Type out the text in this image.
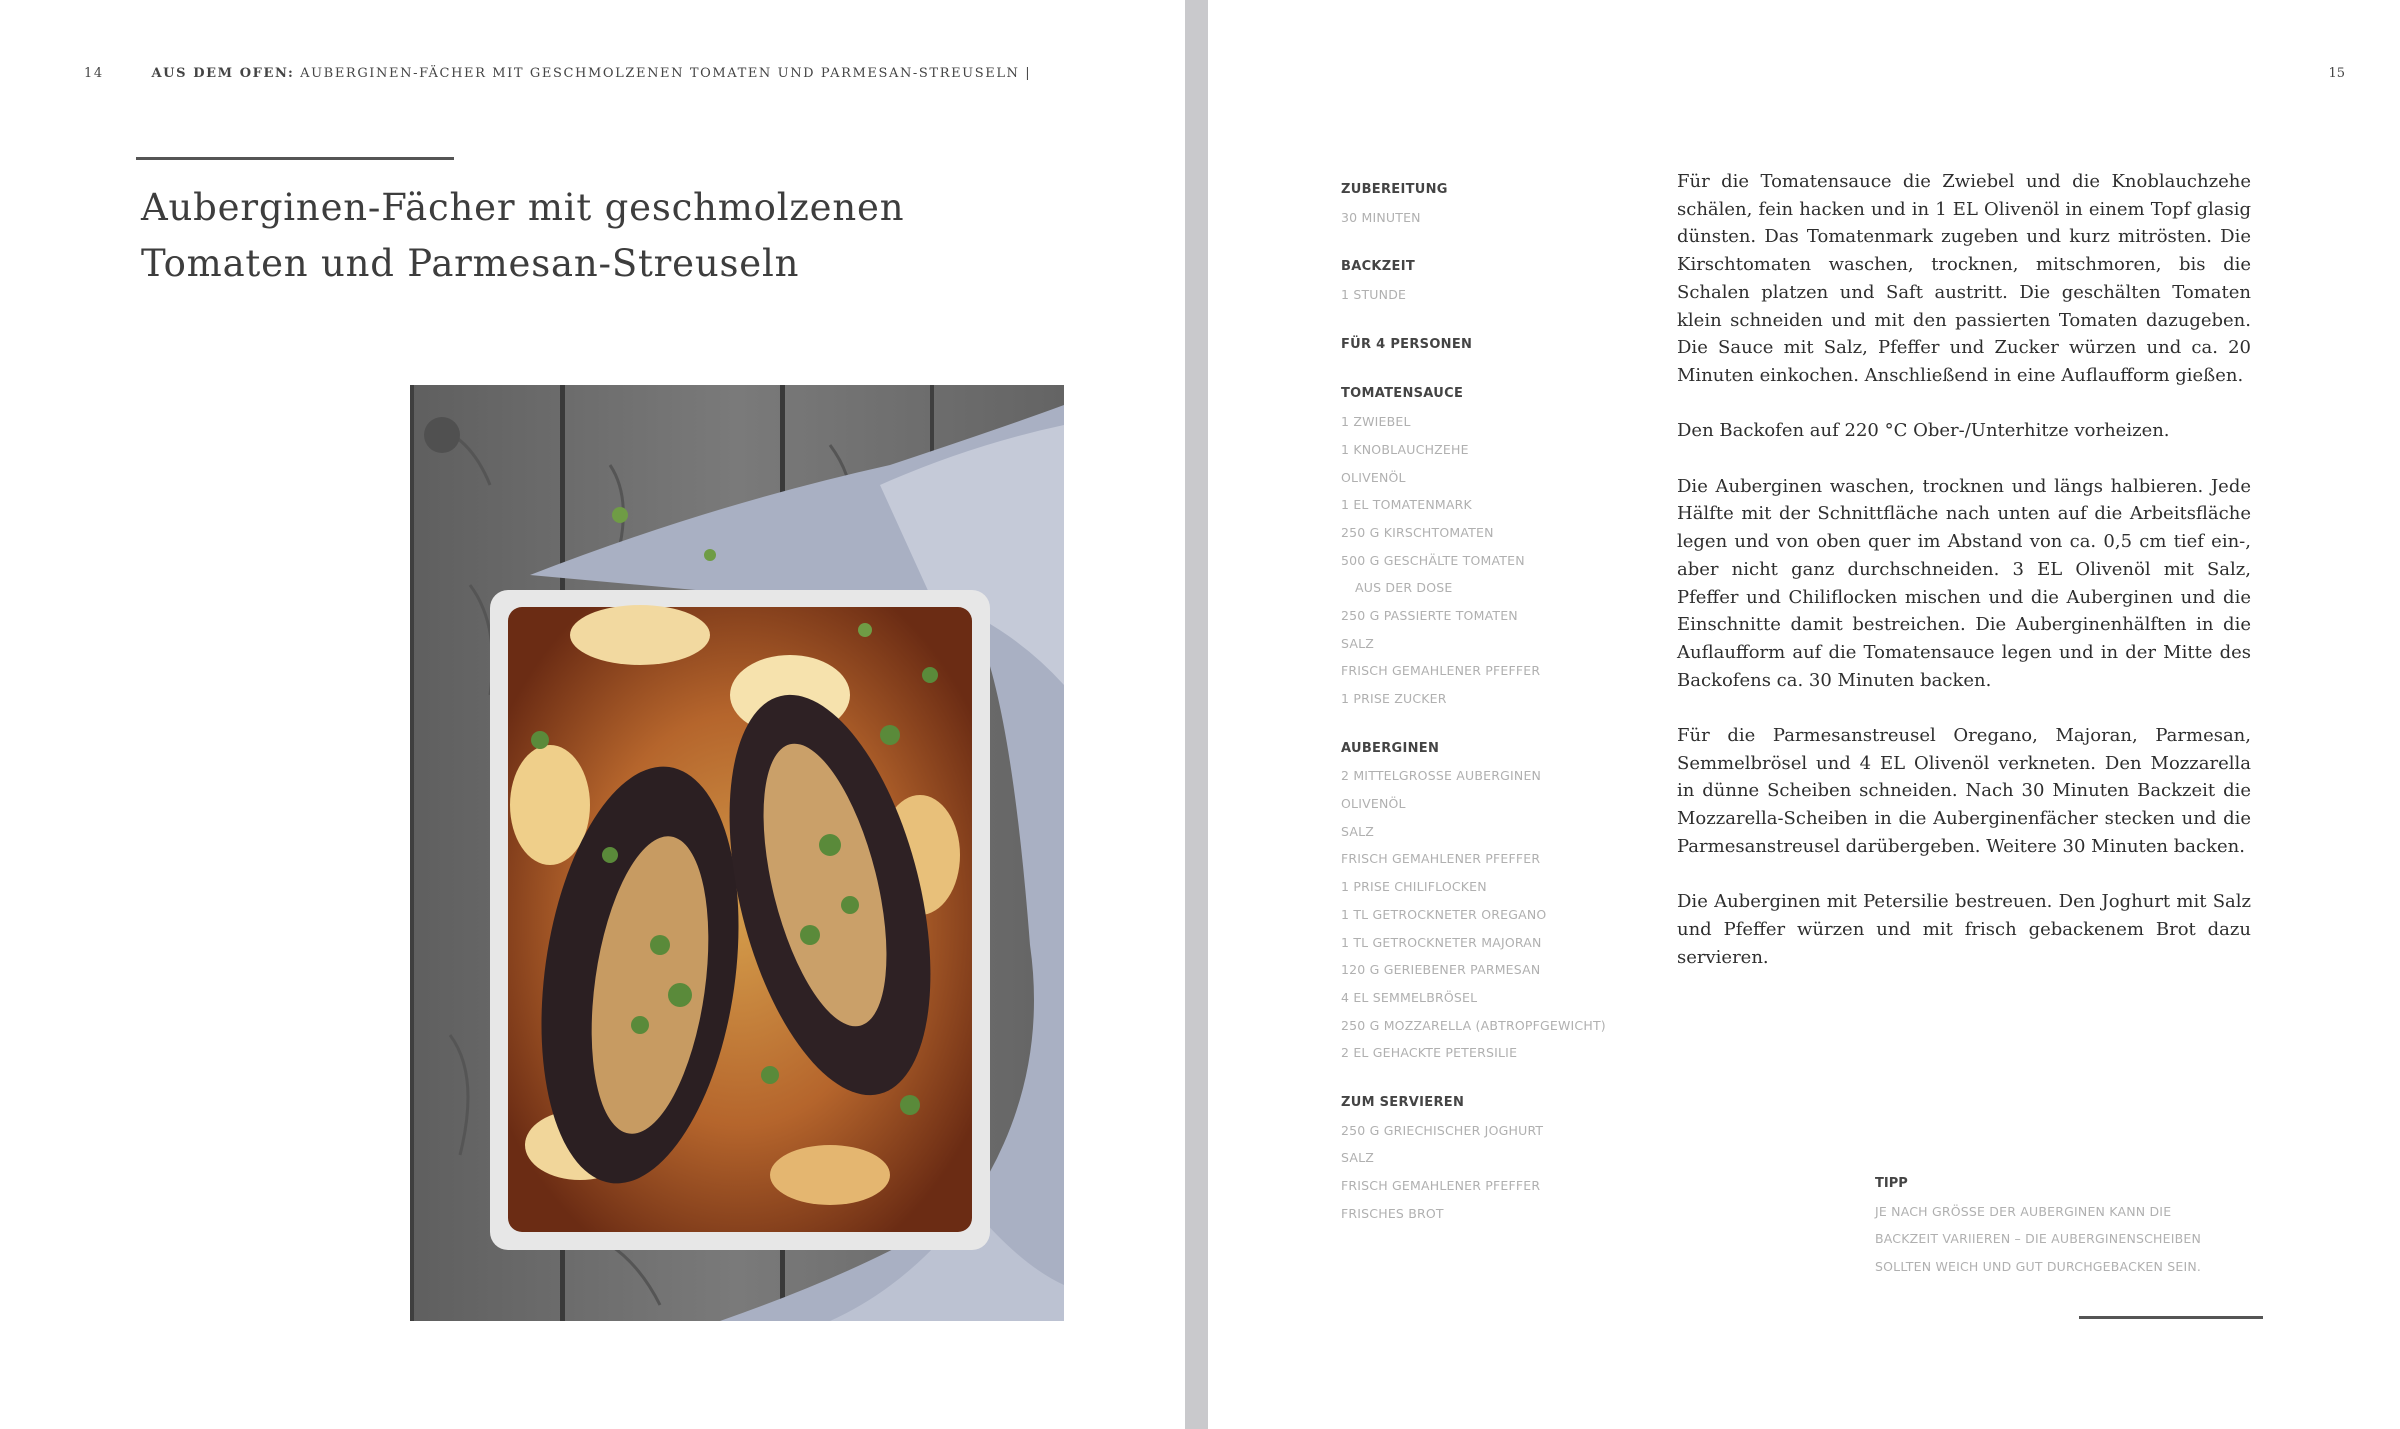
14	AUS DEM OFEN: AUBERGINEN-FÄCHER MIT GESCHMOLZENEN TOMATEN UND PARMESAN-STREUSELN |
Auberginen-Fächer mit geschmolzenen
Tomaten und Parmesan-Streuseln
15
ZUBEREITUNG
30 MINUTEN
BACKZEIT
1 STUNDE
FÜR 4 PERSONEN
TOMATENSAUCE
1 ZWIEBEL
1 KNOBLAUCHZEHE
OLIVENÖL
1 EL TOMATENMARK
250 G KIRSCHTOMATEN
500 G GESCHÄLTE TOMATEN
AUS DER DOSE
250 G PASSIERTE TOMATEN
SALZ
FRISCH GEMAHLENER PFEFFER
1 PRISE ZUCKER
AUBERGINEN
2 MITTELGROSSE AUBERGINEN
OLIVENÖL
SALZ
FRISCH GEMAHLENER PFEFFER
1 PRISE CHILIFLOCKEN
1 TL GETROCKNETER OREGANO
1 TL GETROCKNETER MAJORAN
120 G GERIEBENER PARMESAN
4 EL SEMMELBRÖSEL
250 G MOZZARELLA (ABTROPFGEWICHT)
2 EL GEHACKTE PETERSILIE
ZUM SERVIEREN
250 G GRIECHISCHER JOGHURT
SALZ
FRISCH GEMAHLENER PFEFFER
FRISCHES BROT

Für die Tomatensauce die Zwiebel und die Knoblauchzehe schälen, fein hacken und in 1 EL Olivenöl in einem Topf glasig dünsten. Das Tomatenmark zugeben und kurz mitrösten. Die Kirschtomaten waschen, trocknen, mitschmoren, bis die Schalen platzen und Saft austritt. Die geschälten Tomaten klein schneiden und mit den passierten Tomaten dazugeben. Die Sauce mit Salz, Pfeffer und Zucker würzen und ca. 20 Minuten einkochen. Anschließend in eine Auflaufform gießen.

Den Backofen auf 220 °C Ober-/Unterhitze vorheizen.

Die Auberginen waschen, trocknen und längs halbieren. Jede Hälfte mit der Schnittfläche nach unten auf die Arbeitsfläche legen und von oben quer im Abstand von ca. 0,5 cm tief ein-, aber nicht ganz durchschneiden. 3 EL Olivenöl mit Salz, Pfeffer und Chiliflocken mischen und die Auberginen und die Einschnitte damit bestreichen. Die Auberginenhälften in die Auflaufform auf die Tomatensauce legen und in der Mitte des Backofens ca. 30 Minuten backen.

Für die Parmesanstreusel Oregano, Majoran, Parmesan, Semmelbrösel und 4 EL Olivenöl verkneten. Den Mozzarella in dünne Scheiben schneiden. Nach 30 Minuten Backzeit die Mozzarella-Scheiben in die Auberginenfächer stecken und die Parmesanstreusel darübergeben. Weitere 30 Minuten backen.

Die Auberginen mit Petersilie bestreuen. Den Joghurt mit Salz und Pfeffer würzen und mit frisch gebackenem Brot dazu servieren.

TIPP
JE NACH GRÖSSE DER AUBERGINEN KANN DIE
BACKZEIT VARIIEREN – DIE AUBERGINENSCHEIBEN
SOLLTEN WEICH UND GUT DURCHGEBACKEN SEIN.
